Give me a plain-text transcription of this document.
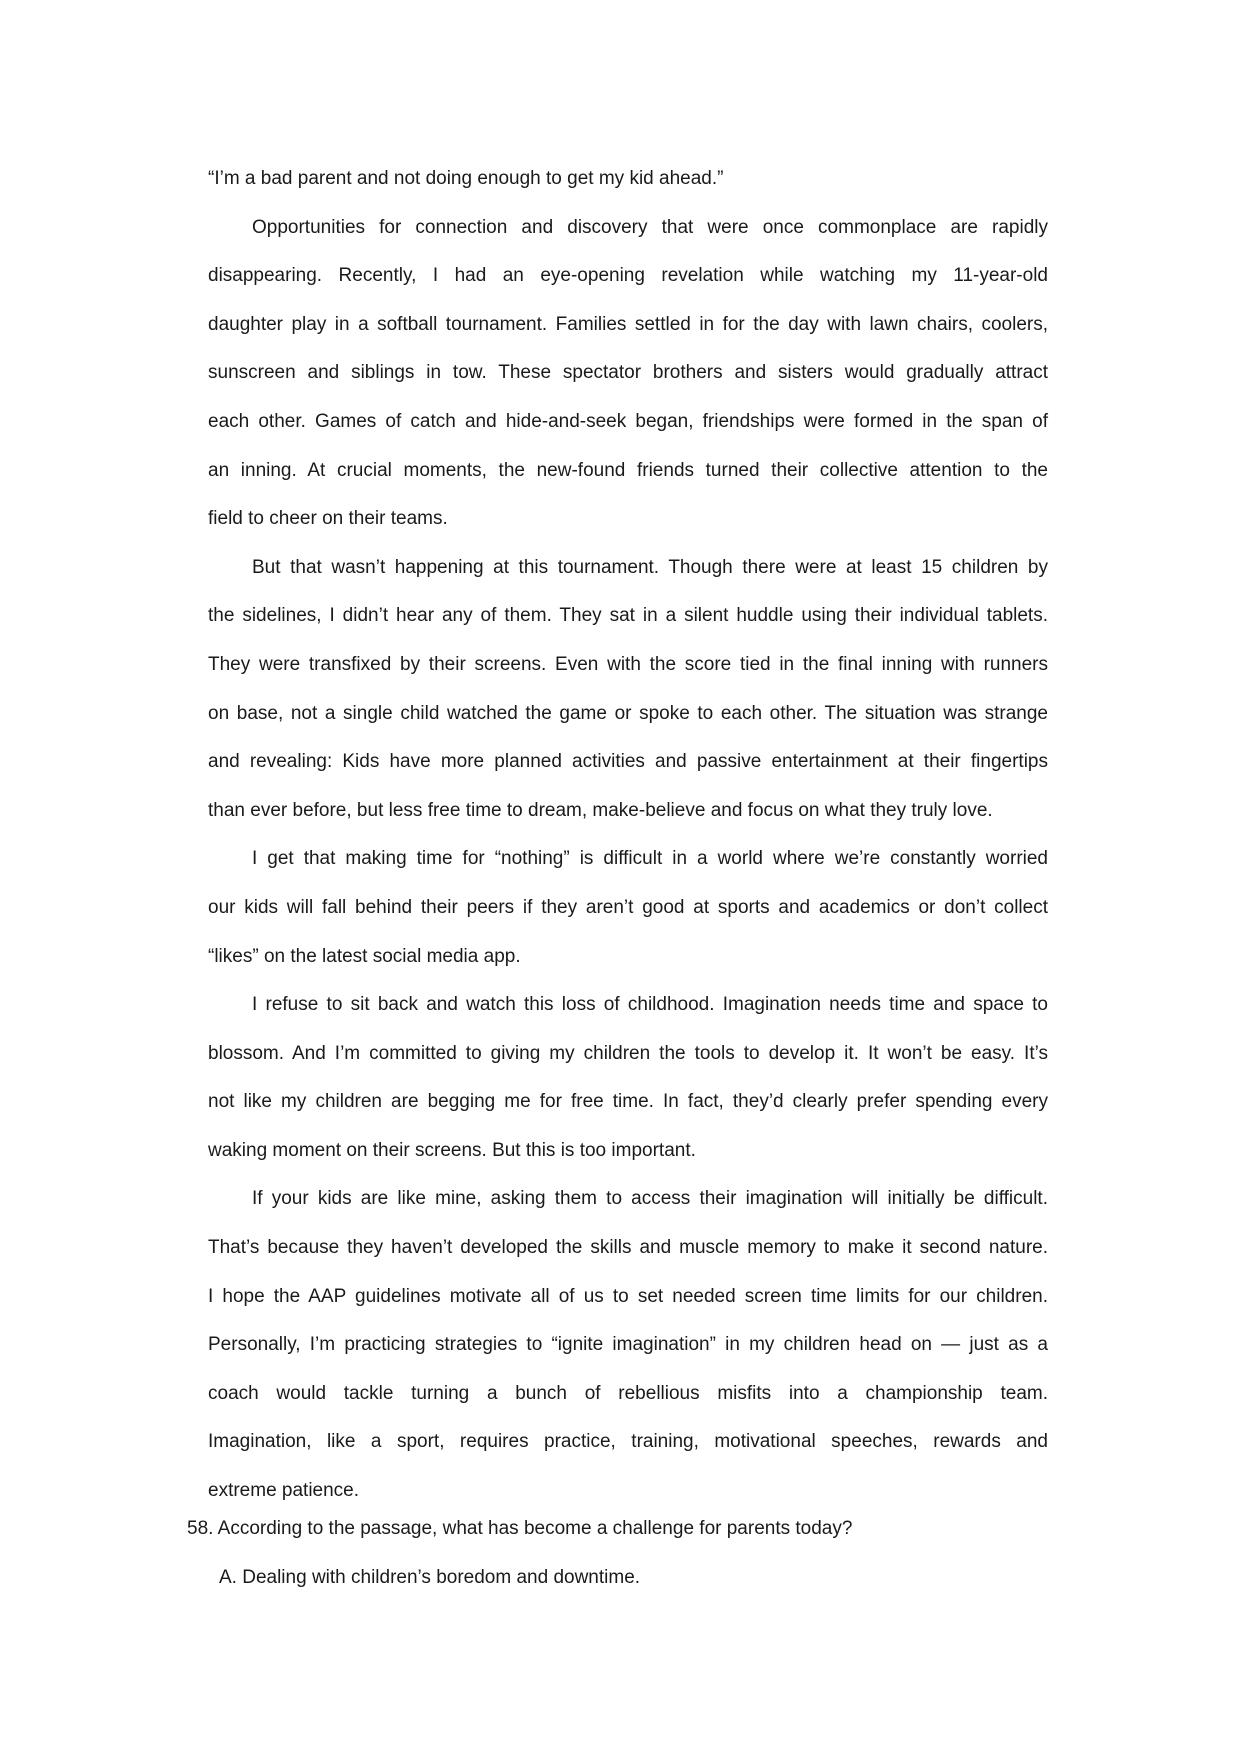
“I’m a bad parent and not doing enough to get my kid ahead.”
Opportunities for connection and discovery that were once commonplace are rapidly
disappearing. Recently, I had an eye-opening revelation while watching my 11-year-old
daughter play in a softball tournament. Families settled in for the day with lawn chairs, coolers,
sunscreen and siblings in tow. These spectator brothers and sisters would gradually attract
each other. Games of catch and hide-and-seek began, friendships were formed in the span of
an inning. At crucial moments, the new-found friends turned their collective attention to the
field to cheer on their teams.
But that wasn’t happening at this tournament. Though there were at least 15 children by
the sidelines, I didn’t hear any of them. They sat in a silent huddle using their individual tablets.
They were transfixed by their screens. Even with the score tied in the final inning with runners
on base, not a single child watched the game or spoke to each other. The situation was strange
and revealing: Kids have more planned activities and passive entertainment at their fingertips
than ever before, but less free time to dream, make-believe and focus on what they truly love.
I get that making time for “nothing” is difficult in a world where we’re constantly worried
our kids will fall behind their peers if they aren’t good at sports and academics or don’t collect
“likes” on the latest social media app.
I refuse to sit back and watch this loss of childhood. Imagination needs time and space to
blossom. And I’m committed to giving my children the tools to develop it. It won’t be easy. It’s
not like my children are begging me for free time. In fact, they’d clearly prefer spending every
waking moment on their screens. But this is too important.
If your kids are like mine, asking them to access their imagination will initially be difficult.
That’s because they haven’t developed the skills and muscle memory to make it second nature.
I hope the AAP guidelines motivate all of us to set needed screen time limits for our children.
Personally, I’m practicing strategies to “ignite imagination” in my children head on — just as a
coach would tackle turning a bunch of rebellious misfits into a championship team.
Imagination, like a sport, requires practice, training, motivational speeches, rewards and
extreme patience.
58. According to the passage, what has become a challenge for parents today?
A. Dealing with children’s boredom and downtime.
